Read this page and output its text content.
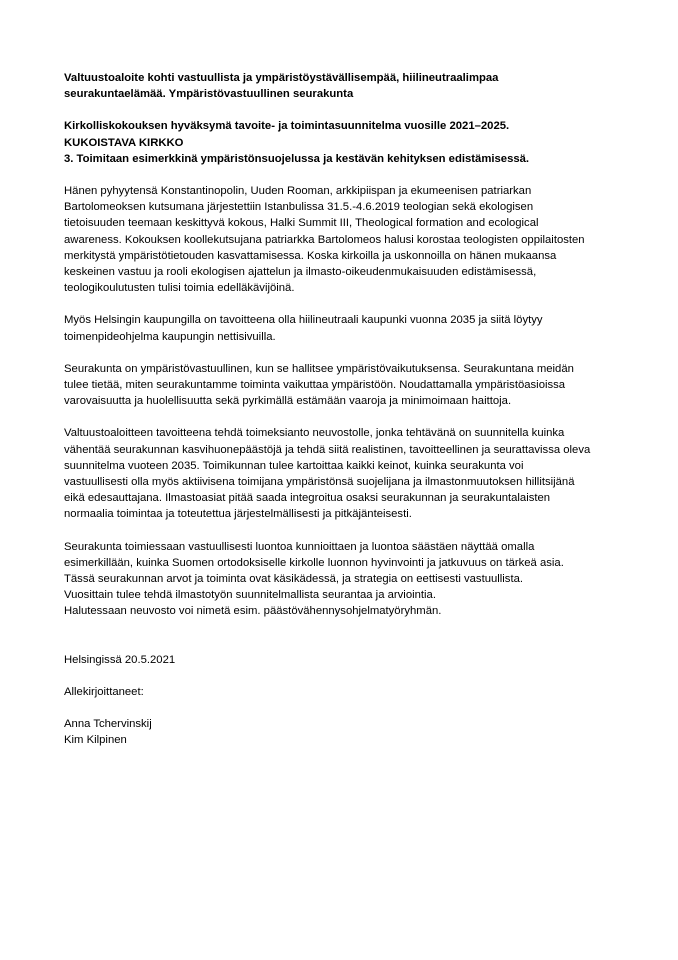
Valtuustoaloite kohti vastuullista ja ympäristöystävällisempää, hiilineutraalimpaa
seurakuntaelämää. Ympäristövastuullinen seurakunta
Kirkolliskokouksen hyväksymä tavoite- ja toimintasuunnitelma vuosille 2021–2025.
KUKOISTAVA KIRKKO
3. Toimitaan esimerkkinä ympäristönsuojelussa ja kestävän kehityksen edistämisessä.
Hänen pyhyytensä Konstantinopolin, Uuden Rooman, arkkipiispan ja ekumeenisen patriarkan
Bartolomeoksen kutsumana järjestettiin Istanbulissa 31.5.-4.6.2019 teologian sekä ekologisen
tietoisuuden teemaan keskittyvä kokous, Halki Summit III, Theological formation and ecological
awareness. Kokouksen koollekutsujana patriarkka Bartolomeos halusi korostaa teologisten oppilaitosten
merkitystä ympäristötietouden kasvattamisessa. Koska kirkoilla ja uskonnoilla on hänen mukaansa
keskeinen vastuu ja rooli ekologisen ajattelun ja ilmasto-oikeudenmukaisuuden edistämisessä,
teologikoulutusten tulisi toimia edelläkävijöinä.
Myös Helsingin kaupungilla on tavoitteena olla hiilineutraali kaupunki vuonna 2035 ja siitä löytyy
toimenpideohjelma kaupungin nettisivuilla.
Seurakunta on ympäristövastuullinen, kun se hallitsee ympäristövaikutuksensa. Seurakuntana meidän
tulee tietää, miten seurakuntamme toiminta vaikuttaa ympäristöön. Noudattamalla ympäristöasioissa
varovaisuutta ja huolellisuutta sekä pyrkimällä estämään vaaroja ja minimoimaan haittoja.
Valtuustoaloitteen tavoitteena tehdä toimeksianto neuvostolle, jonka tehtävänä on suunnitella kuinka
vähentää seurakunnan kasvihuonepäästöjä ja tehdä siitä realistinen, tavoitteellinen ja seurattavissa oleva
suunnitelma vuoteen 2035. Toimikunnan tulee kartoittaa kaikki keinot, kuinka seurakunta voi
vastuullisesti olla myös aktiivisena toimijana ympäristönsä suojelijana ja ilmastonmuutoksen hillitsijänä
eikä edesauttajana. Ilmastoasiat pitää saada integroitua osaksi seurakunnan ja seurakuntalaisten
normaalia toimintaa ja toteutettua järjestelmällisesti ja pitkäjänteisesti.
Seurakunta toimiessaan vastuullisesti luontoa kunnioittaen ja luontoa säästäen näyttää omalla
esimerkillään, kuinka Suomen ortodoksiselle kirkolle luonnon hyvinvointi ja jatkuvuus on tärkeä asia.
Tässä seurakunnan arvot ja toiminta ovat käsikädessä, ja strategia on eettisesti vastuullista.
Vuosittain tulee tehdä ilmastotyön suunnitelmallista seurantaa ja arviointia.
Halutessaan neuvosto voi nimetä esim. päästövähennysohjelmatyöryhmän.
Helsingissä 20.5.2021
Allekirjoittaneet:
Anna Tchervinskij
Kim Kilpinen
